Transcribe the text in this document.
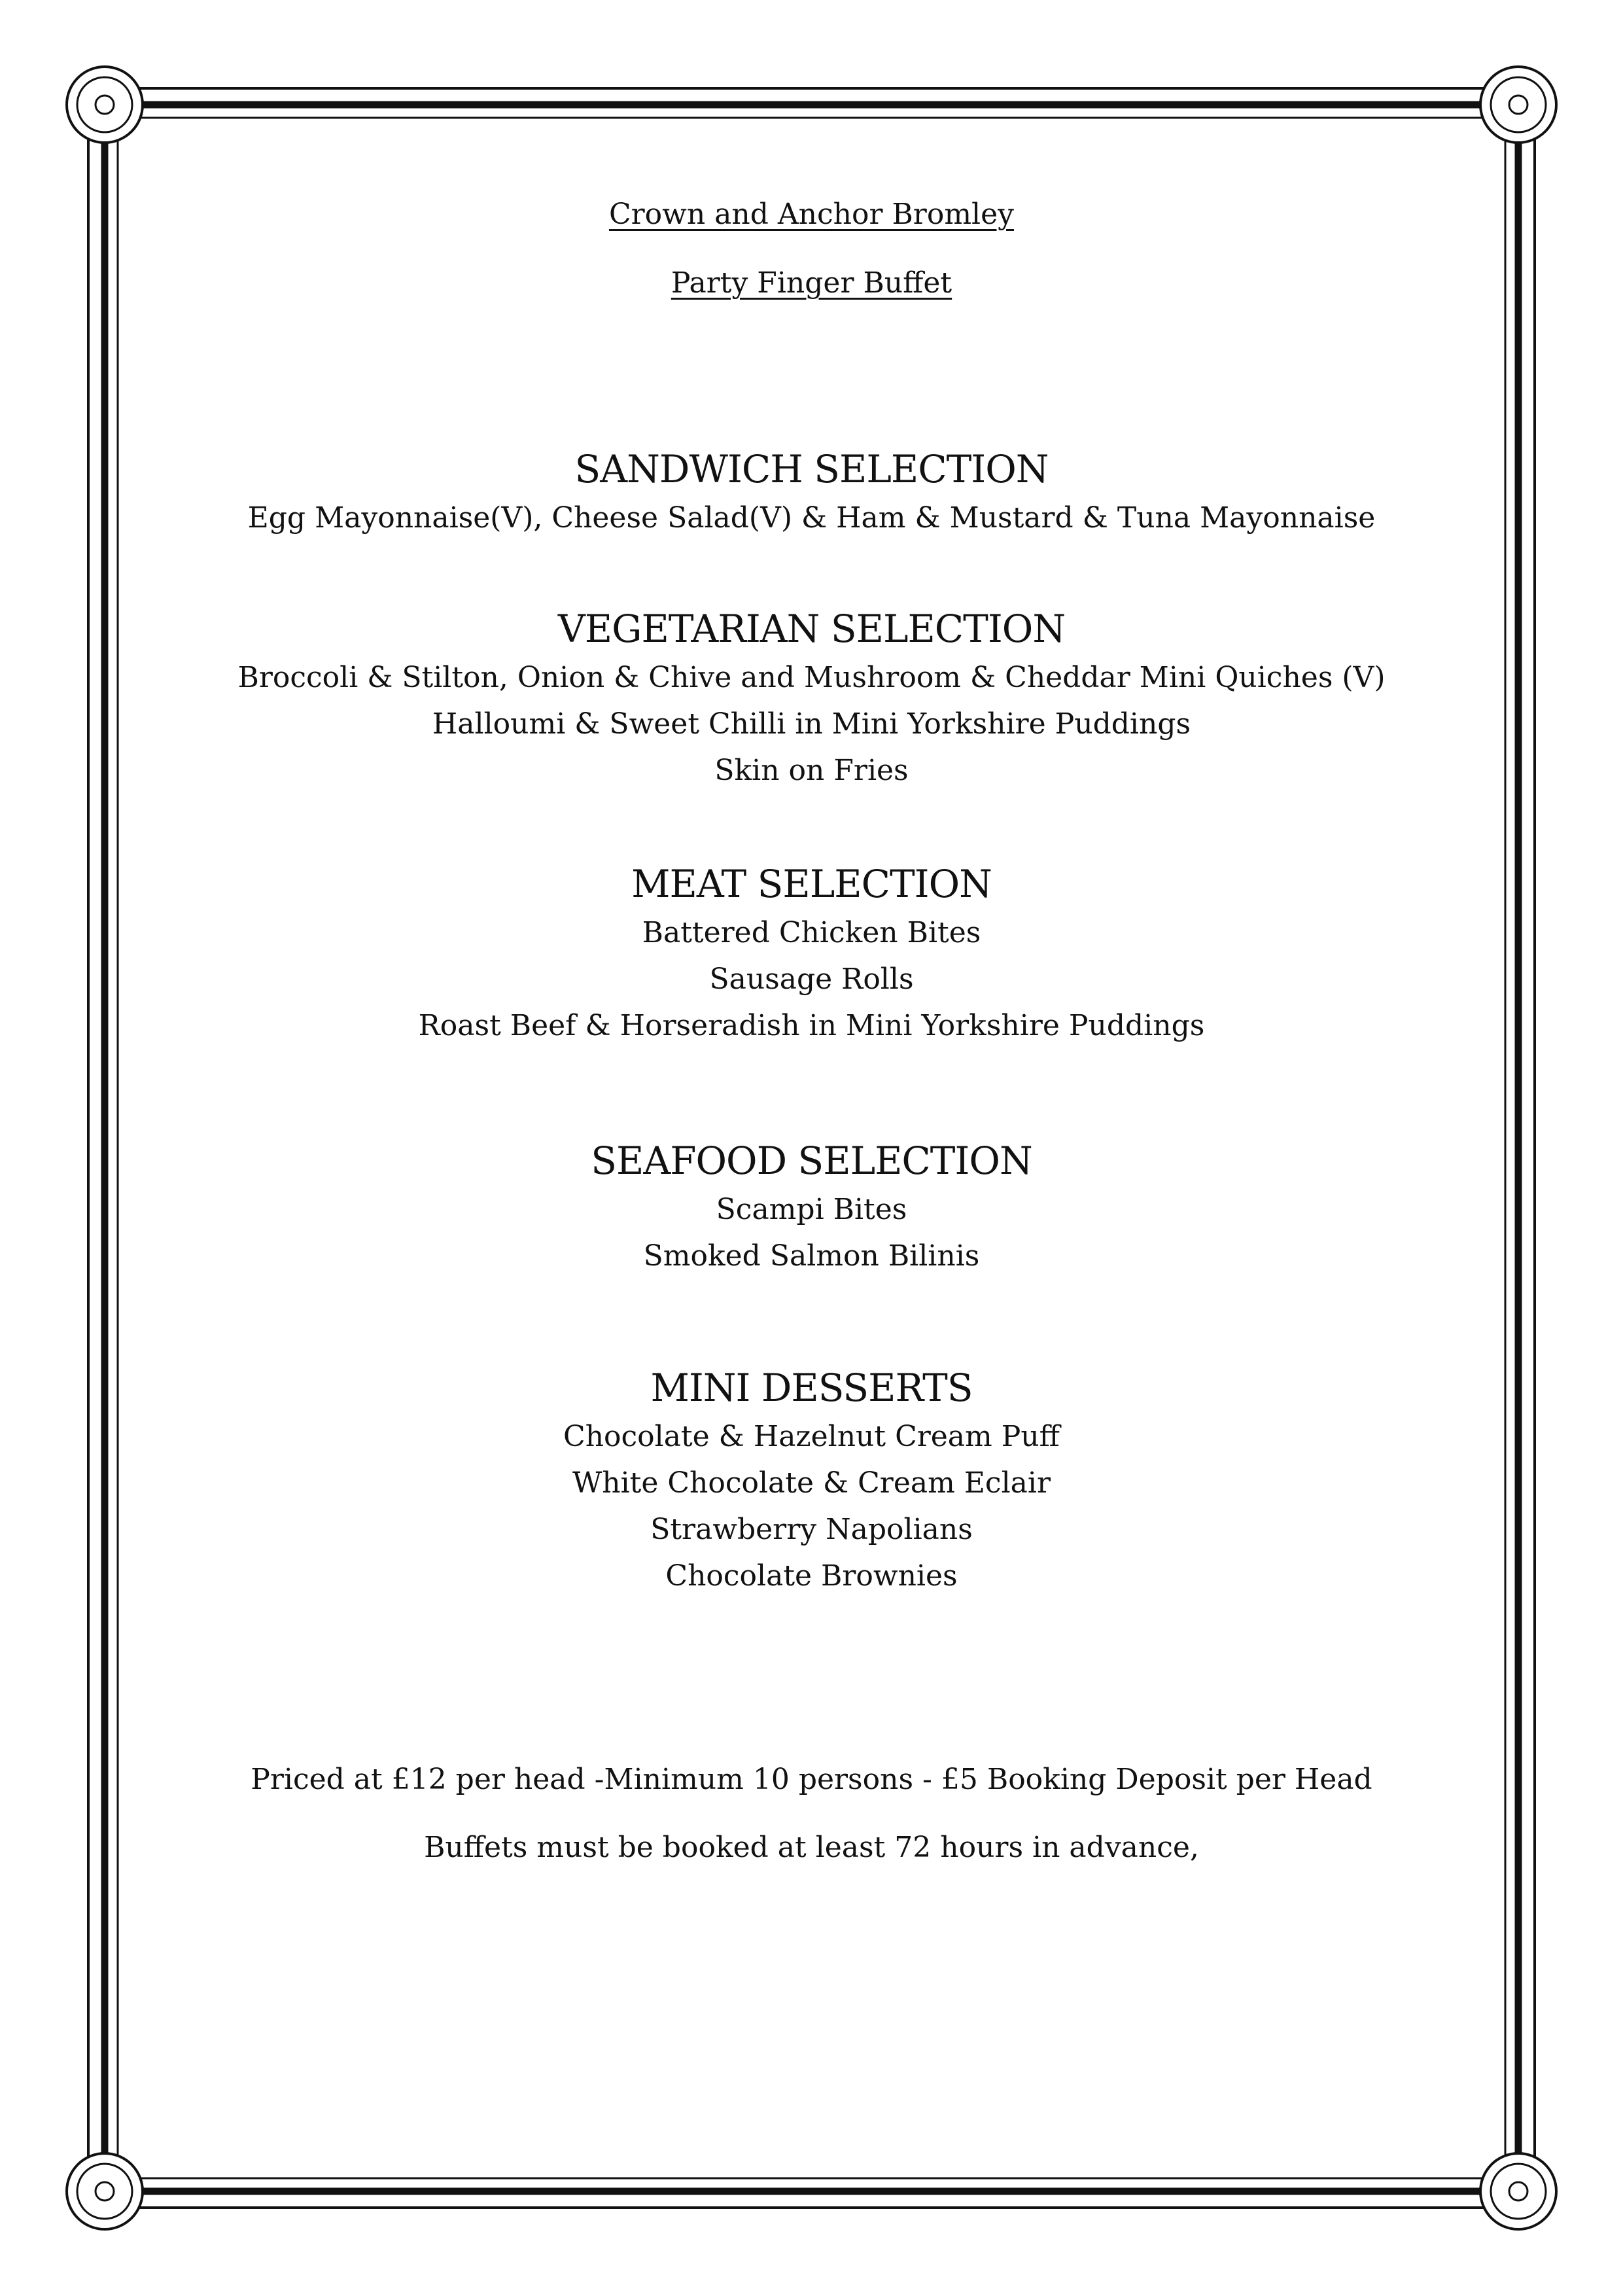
Crown and Anchor Bromley
Party Finger Buffet
SANDWICH SELECTION
Egg Mayonnaise(V), Cheese Salad(V) & Ham & Mustard & Tuna Mayonnaise
VEGETARIAN SELECTION
Broccoli & Stilton, Onion & Chive and Mushroom & Cheddar Mini Quiches (V)
Halloumi & Sweet Chilli in Mini Yorkshire Puddings
Skin on Fries
MEAT SELECTION
Battered Chicken Bites
Sausage Rolls
Roast Beef & Horseradish in Mini Yorkshire Puddings
SEAFOOD SELECTION
Scampi Bites
Smoked Salmon Bilinis
MINI DESSERTS
Chocolate & Hazelnut Cream Puff
White Chocolate & Cream Eclair
Strawberry Napolians
Chocolate Brownies
Priced at £12 per head -Minimum 10 persons - £5 Booking Deposit per Head
Buffets must be booked at least 72 hours in advance,
